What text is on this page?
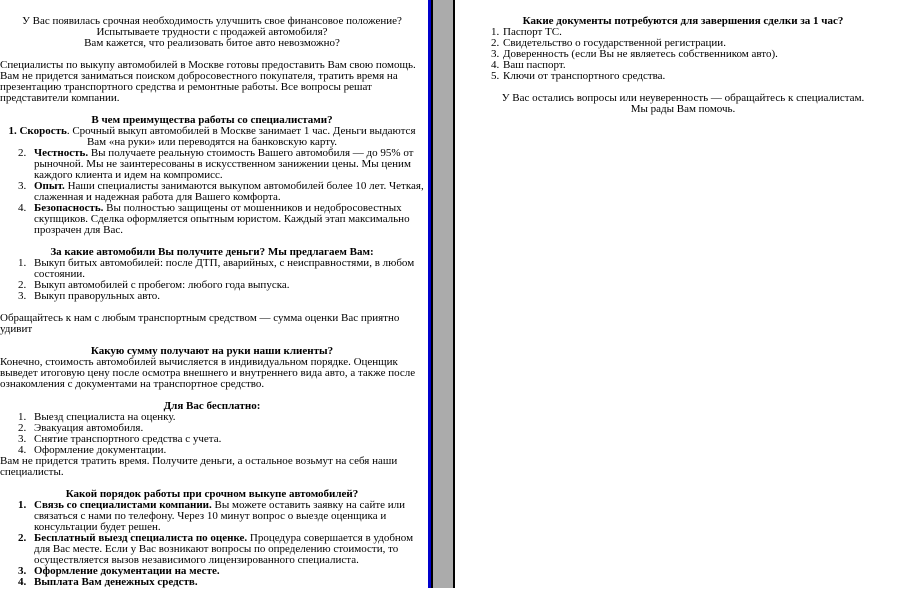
У Вас появилась срочная необходимость улучшить свое финансовое положение?
Испытываете трудности с продажей автомобиля?
Вам кажется, что реализовать битое авто невозможно?
Специалисты по выкупу автомобилей в Москве готовы предоставить Вам свою помощь. Вам не придется заниматься поиском добросовестного покупателя, тратить время на презентацию транспортного средства и ремонтные работы. Все вопросы решат представители компании.
В чем преимущества работы со специалистами?
1. Скорость. Срочный выкуп автомобилей в Москве занимает 1 час. Деньги выдаются Вам «на руки» или переводятся на банковскую карту.
2. Честность. Вы получаете реальную стоимость Вашего автомобиля — до 95% от рыночной. Мы не заинтересованы в искусственном занижении цены. Мы ценим каждого клиента и идем на компромисс.
3. Опыт. Наши специалисты занимаются выкупом автомобилей более 10 лет. Четкая, слаженная и надежная работа для Вашего комфорта.
4. Безопасность. Вы полностью защищены от мошенников и недобросовестных скупщиков. Сделка оформляется опытным юристом. Каждый этап максимально прозрачен для Вас.
За какие автомобили Вы получите деньги? Мы предлагаем Вам:
1. Выкуп битых автомобилей: после ДТП, аварийных, с неисправностями, в любом состоянии.
2. Выкуп автомобилей с пробегом: любого года выпуска.
3. Выкуп праворульных авто.
Обращайтесь к нам с любым транспортным средством — сумма оценки Вас приятно удивит
Какую сумму получают на руки наши клиенты?
Конечно, стоимость автомобилей вычисляется в индивидуальном порядке. Оценщик выведет итоговую цену после осмотра внешнего и внутреннего вида авто, а также после ознакомления с документами на транспортное средство.
Для Вас бесплатно:
1. Выезд специалиста на оценку.
2. Эвакуация автомобиля.
3. Снятие транспортного средства с учета.
4. Оформление документации.
Вам не придется тратить время. Получите деньги, а остальное возьмут на себя наши специалисты.
Какой порядок работы при срочном выкупе автомобилей?
1. Связь со специалистами компании. Вы можете оставить заявку на сайте или связаться с нами по телефону. Через 10 минут вопрос о выезде оценщика и консультации будет решен.
2. Бесплатный выезд специалиста по оценке. Процедура совершается в удобном для Вас месте. Если у Вас возникают вопросы по определению стоимости, то осуществляется вызов независимого лицензированного специалиста.
3. Оформление документации на месте.
4. Выплата Вам денежных средств.
Какие документы потребуются для завершения сделки за 1 час?
1. Паспорт ТС.
2. Свидетельство о государственной регистрации.
3. Доверенность (если Вы не являетесь собственником авто).
4. Ваш паспорт.
5. Ключи от транспортного средства.
У Вас остались вопросы или неуверенность — обращайтесь к специалистам.
Мы рады Вам помочь.
